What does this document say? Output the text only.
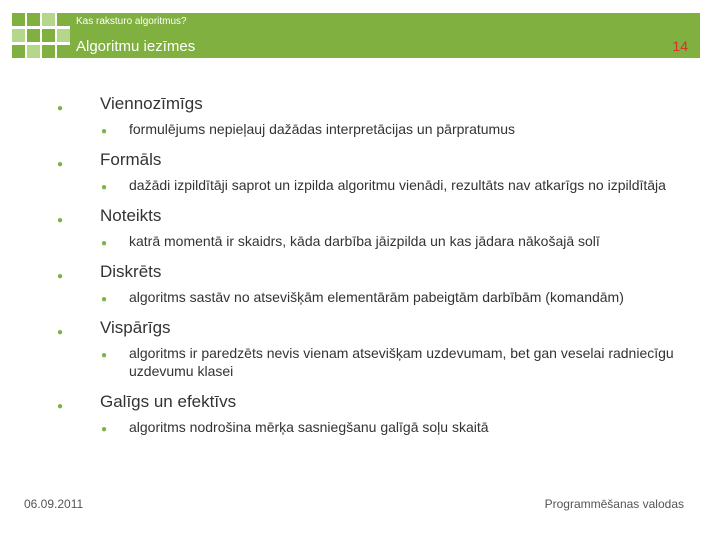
Kas raksturo algoritmus?
Algoritmu iezīmes	14
● Viennozīmīgs
● formulējums nepieļauj dažādas interpretācijas un pārpratumus
● Formāls
● dažādi izpildītāji saprot un izpilda algoritmu vienādi, rezultāts nav atkarīgs no izpildītāja
● Noteikts
● katrā momentā ir skaidrs, kāda darbība jāizpilda un kas jādara nākošajā solī
● Diskrēts
● algoritms sastāv no atsevišķām elementārām pabeigtām darbībām (komandām)
● Vispārīgs
● algoritms ir paredzēts nevis vienam atsevišķam uzdevumam, bet gan veselai radniecīgu uzdevumu klasei
● Galīgs un efektīvs
● algoritms nodrošina mērķa sasniegšanu galīgā soļu skaitā
06.09.2011	Programmēšanas valodas
